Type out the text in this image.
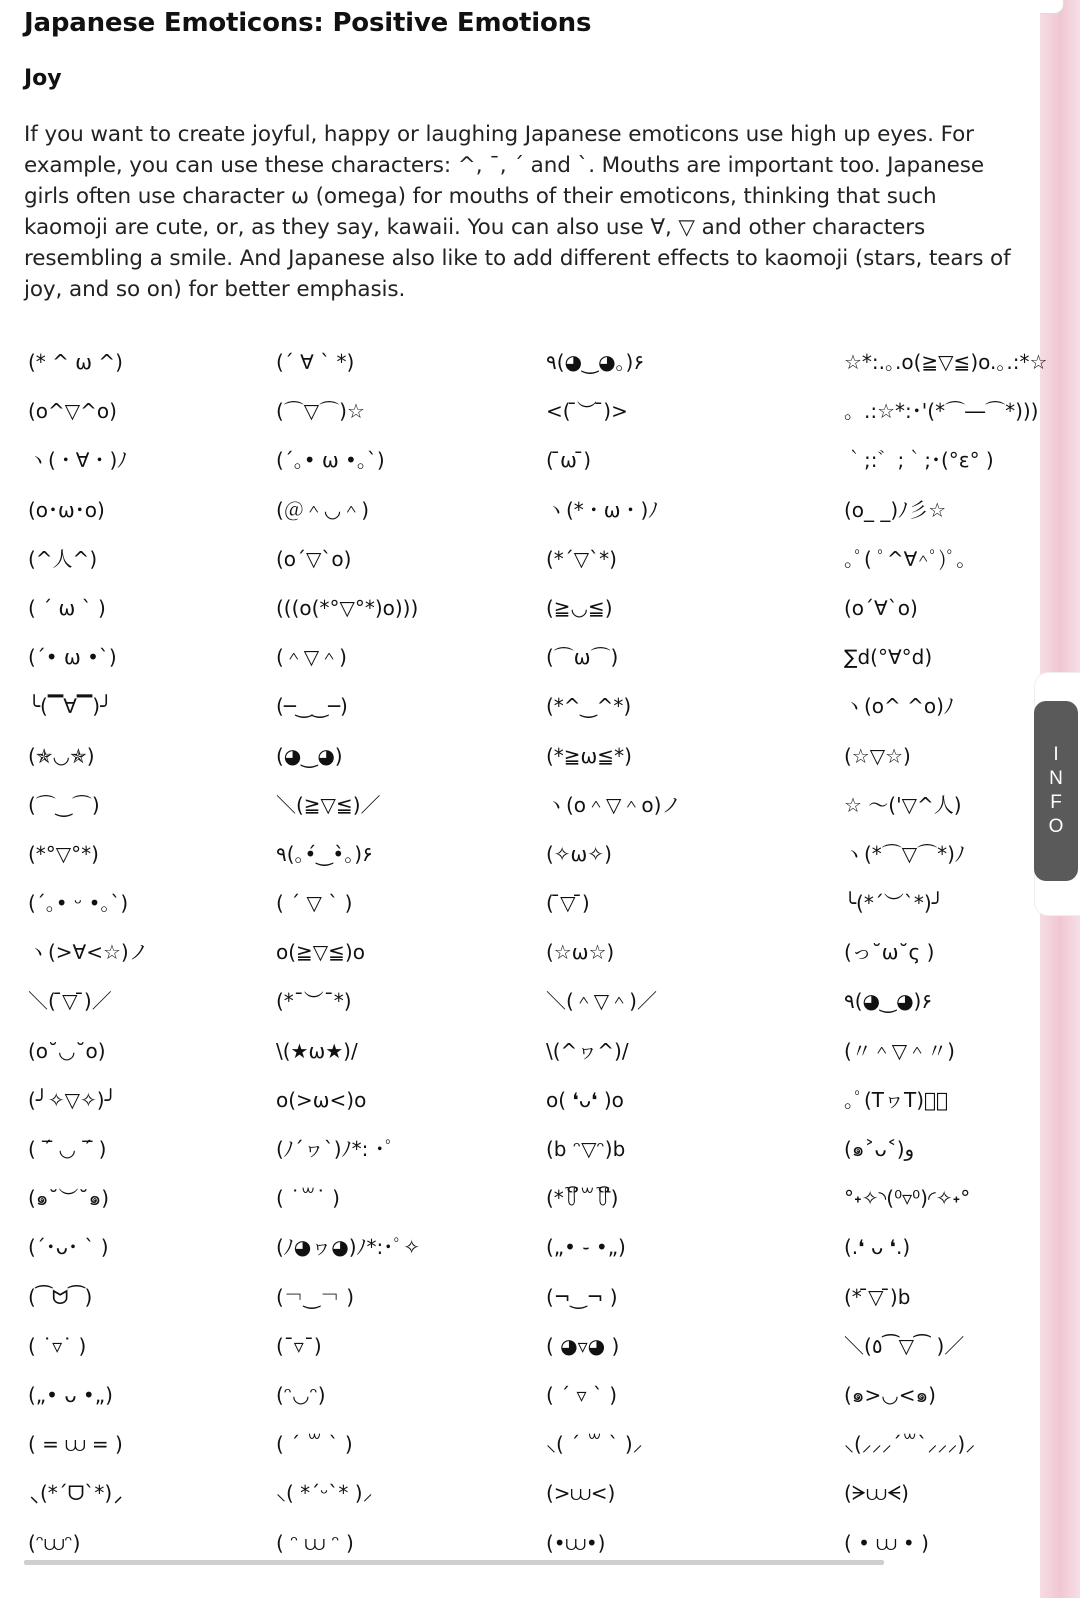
Japanese Emoticons: Positive Emotions
Joy

If you want to create joyful, happy or laughing Japanese emoticons use high up eyes. For
example, you can use these characters: ^, ¯, ´ and `. Mouths are important too. Japanese
girls often use character ω (omega) for mouths of their emoticons, thinking that such
kaomoji are cute, or, as they say, kawaii. You can also use ∀, ▽ and other characters
resembling a smile. And Japanese also like to add different effects to kaomoji (stars, tears of
joy, and so on) for better emphasis.

(* ^ ω ^)	(´ ∀ ` *)	٩(◕‿◕｡)۶	☆*:.｡.o(≧▽≦)o.｡.:*☆
(o^▽^o)	(⌒▽⌒)☆	<( ̄︶ ̄)>	。.:☆*:･'(*⌒―⌒*)))
ヽ(・∀・)ﾉ	(´｡• ω •｡`)	( ̄ω ̄)	｀;:゛;｀;･(°ε° )
(o･ω･o)	(＠＾◡＾)	ヽ(*・ω・)ﾉ	(o_ _)ﾉ彡☆
(^人^)	(o´▽`o)	(*´▽`*)	｡ﾟ( ﾟ^∀^ﾟ)ﾟ｡
( ´ ω ` )	(((o(*°▽°*)o)))	(≧◡≦)	(o´∀`o)
(´• ω •`)	(＾▽＾)	(⌒ω⌒)	∑d(°∀°d)
╰(▔∀▔)╯	(─‿‿─)	(*^‿^*)	ヽ(o^ ^o)ﾉ
(✯◡✯)	(◕‿◕)	(*≧ω≦*)	(☆▽☆)
(⌒‿⌒)	＼(≧▽≦)／	ヽ(o＾▽＾o)ノ	☆ ～('▽^人)
(*°▽°*)	٩(｡•́‿•̀｡)۶	(✧ω✧)	ヽ(*⌒▽⌒*)ﾉ
(´｡• ᵕ •｡`)	( ´ ▽ ` )	( ̄▽ ̄)	╰(*´︶`*)╯
ヽ(>∀<☆)ノ	o(≧▽≦)o	(☆ω☆)	(っ˘ω˘ς )
＼( ̄▽ ̄)／	(*¯︶¯*)	＼(＾▽＾)／	٩(◕‿◕)۶
(o˘◡˘o)	\(★ω★)/	\(^ヮ^)/	(〃＾▽＾〃)
(╯✧▽✧)╯	o(>ω<)o	o( ❛ᴗ❛ )o	｡ﾟ(TヮT)ﾟ｡
( ‾́ ◡ ‾́ )	(ﾉ´ヮ`)ﾉ*: ･ﾟ	(b ᵔ▽ᵔ)b	(๑˃ᴗ˂)ﻭ
(๑˘︶˘๑)	( ˙꒳˙ )	(*꒦ິ꒳꒦ີ)	°˖✧◝(⁰▿⁰)◜✧˖°
(´･ᴗ･ ` )	(ﾉ◕ヮ◕)ﾉ*:･ﾟ✧	(„• ֊ •„)	(.❛ ᴗ ❛.)
(⁀ᗢ⁀)	(￢‿￢ )	(¬‿¬ )	(* ̄▽ ̄)b
( ˙▿˙ )	(¯▿¯)	( ◕▿◕ )	＼(٥⁀▽⁀ )／
(„• ᴗ •„)	(ᵔ◡ᵔ)	( ´ ▿ ` )	(๑>◡<๑)
( = ⩊ = )	( ´ ꒳ ` )	⸜( ´ ꒳ ` )⸝	⸜(⸝⸝⸝´꒳`⸝⸝⸝)⸝
⸜(*ˊᗜˋ*)⸝	⸜( *ˊᵕˋ* )⸝	(>⩊<)	(ᗒ⩊ᗕ)
(ᵔ⩊ᵔ)	( ᵔ ⩊ ᵔ )	(•⩊•)	( • ⩊ • )
I
N
F
O
